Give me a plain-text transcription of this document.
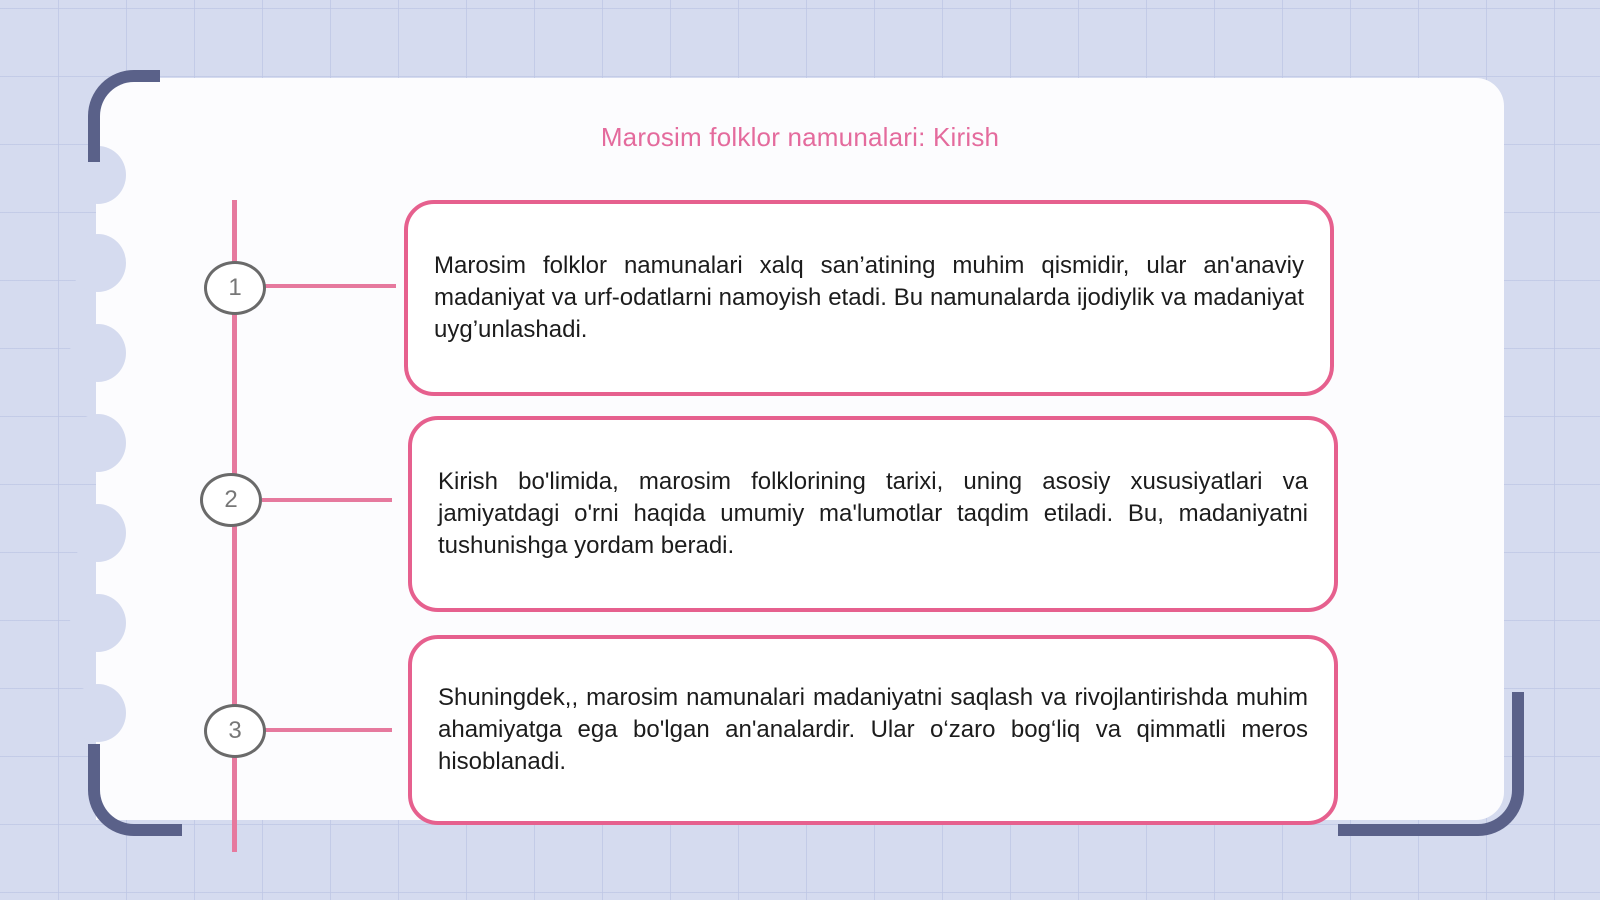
Marosim folklor namunalari: Kirish
1
2
3

Marosim folklor namunalari xalq san’atining muhim qismidir, ular an'anaviy madaniyat va urf-odatlarni namoyish etadi. Bu namunalarda ijodiylik va madaniyat uyg’unlashadi.

Kirish bo'limida, marosim folklorining tarixi, uning asosiy xususiyatlari va jamiyatdagi o'rni haqida umumiy ma'lumotlar taqdim etiladi. Bu, madaniyatni tushunishga yordam beradi.

Shuningdek,, marosim namunalari madaniyatni saqlash va rivojlantirishda muhim ahamiyatga ega bo'lgan an'analardir. Ular o‘zaro bog‘liq va qimmatli meros hisoblanadi.
